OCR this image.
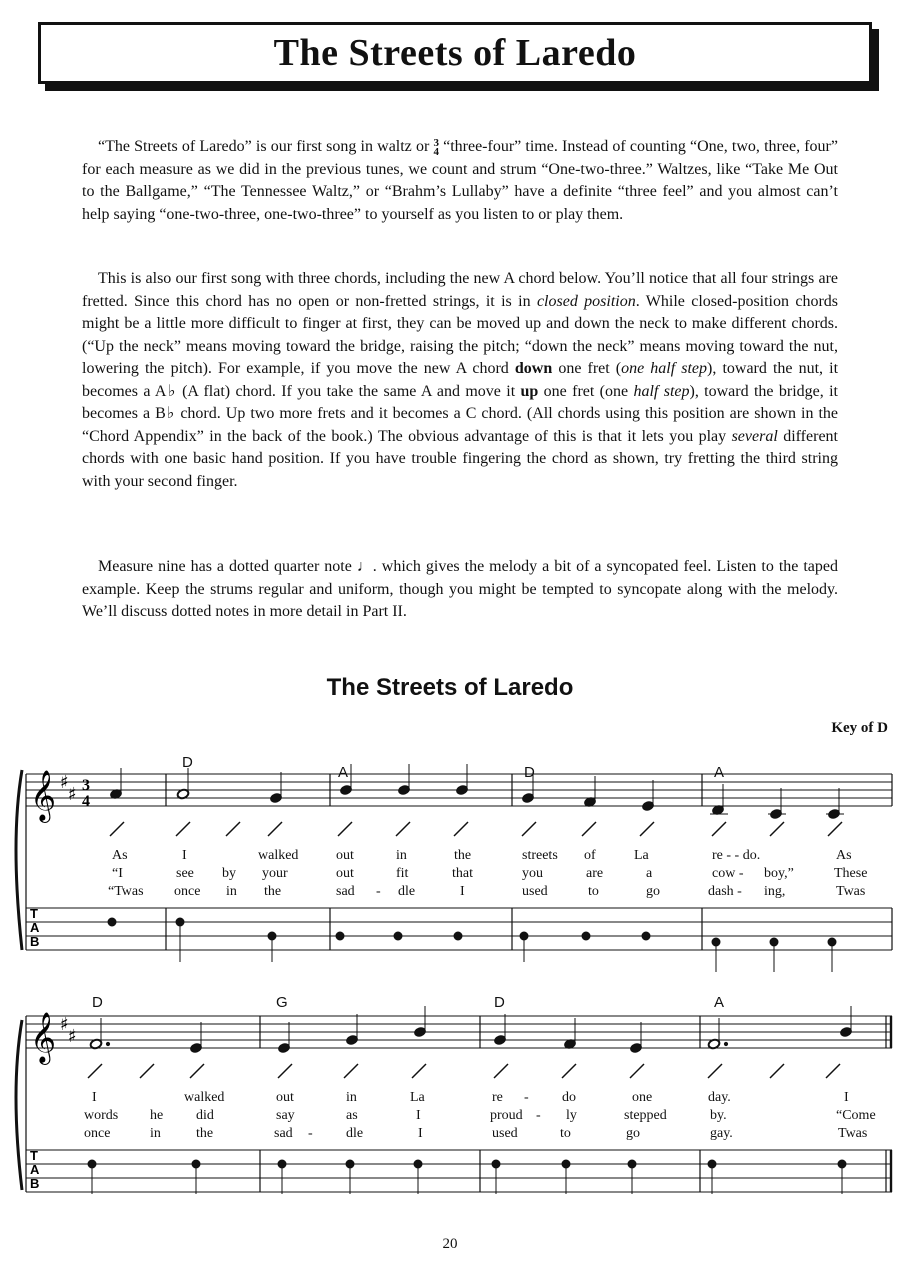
The Streets of Laredo

“The Streets of Laredo” is our first song in waltz or 3
4 “three-four” time. Instead of counting “One, two, three, four” for each measure as we did in the previous tunes, we count and strum “One-two-three.” Waltzes, like “Take Me Out to the Ballgame,” “The Tennessee Waltz,” or “Brahm’s Lullaby” have a definite “three feel” and you almost can’t help saying “one-two-three, one-two-three” to yourself as you listen to or play them.

This is also our first song with three chords, including the new A chord below. You’ll notice that all four strings are fretted. Since this chord has no open or non-fretted strings, it is in closed position. While closed-position chords might be a little more difficult to finger at first, they can be moved up and down the neck to make different chords. (“Up the neck” means moving toward the bridge, raising the pitch; “down the neck” means moving toward the nut, lowering the pitch). For example, if you move the new A chord down one fret (one half step), toward the nut, it becomes a A♭ (A flat) chord. If you take the same A and move it up one fret (one half step), toward the bridge, it becomes a B♭ chord. Up two more frets and it becomes a C chord. (All chords using this position are shown in the “Chord Appendix” in the back of the book.) The obvious advantage of this is that it lets you play several different chords with one basic hand position. If you have trouble fingering the chord as shown, try fretting the third string with your second finger.

Measure nine has a dotted quarter note ♩. which gives the melody a bit of a syncopated feel. Listen to the taped example. Keep the strums regular and uniform, though you might be tempted to syncopate along with the melody. We’ll discuss dotted notes in more detail in Part II.

The Streets of Laredo
Key of D
𝄞 ♯
♯ 3
4
T
A
B
D
A	D	A
As	I	walked	out	in	the	streets of	La	re - - do.	As
“I	see by your	out	fit	that	you	are	a	cow - boy,”	These
“Twas once in the	sad - dle	I	used	to	go	dash - ing,	Twas
𝄞 ♯
♯
T
A
B
D	G	D	A
I	walked	out	in	La	re - do	one	day.	I
words he did	say	as	I	proud - ly	stepped	by.	“Come
once	in	the	sad - dle	I	used	to	go	gay.	Twas
20
